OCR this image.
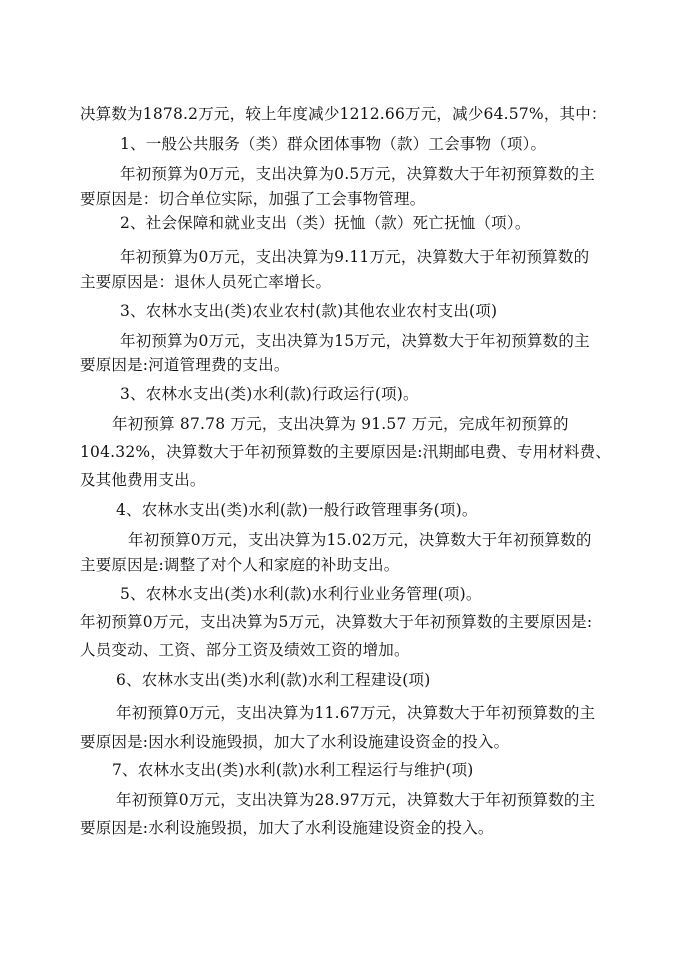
决算数为1878.2万元，较上年度减少1212.66万元，减少64.57%，其中：
1、一般公共服务（类）群众团体事物（款）工会事物（项）。
年初预算为0万元，支出决算为0.5万元，决算数大于年初预算数的主
要原因是：切合单位实际，加强了工会事物管理。
2、社会保障和就业支出（类）抚恤（款）死亡抚恤（项）。
年初预算为0万元，支出决算为9.11万元，决算数大于年初预算数的
主要原因是：退休人员死亡率增长。
3、农林水支出(类)农业农村(款)其他农业农村支出(项)
年初预算为0万元，支出决算为15万元，决算数大于年初预算数的主
要原因是:河道管理费的支出。
3、农林水支出(类)水利(款)行政运行(项)。
年初预算 87.78 万元，支出决算为 91.57 万元，完成年初预算的
104.32%，决算数大于年初预算数的主要原因是:汛期邮电费、专用材料费、
及其他费用支出。
4、农林水支出(类)水利(款)一般行政管理事务(项)。
年初预算0万元，支出决算为15.02万元，决算数大于年初预算数的
主要原因是:调整了对个人和家庭的补助支出。
5、农林水支出(类)水利(款)水利行业业务管理(项)。
年初预算0万元，支出决算为5万元，决算数大于年初预算数的主要原因是:
人员变动、工资、部分工资及绩效工资的增加。
6、农林水支出(类)水利(款)水利工程建设(项)
年初预算0万元，支出决算为11.67万元，决算数大于年初预算数的主
要原因是:因水利设施毁损，加大了水利设施建设资金的投入。
7、农林水支出(类)水利(款)水利工程运行与维护(项)
年初预算0万元，支出决算为28.97万元，决算数大于年初预算数的主
要原因是:水利设施毁损，加大了水利设施建设资金的投入。
